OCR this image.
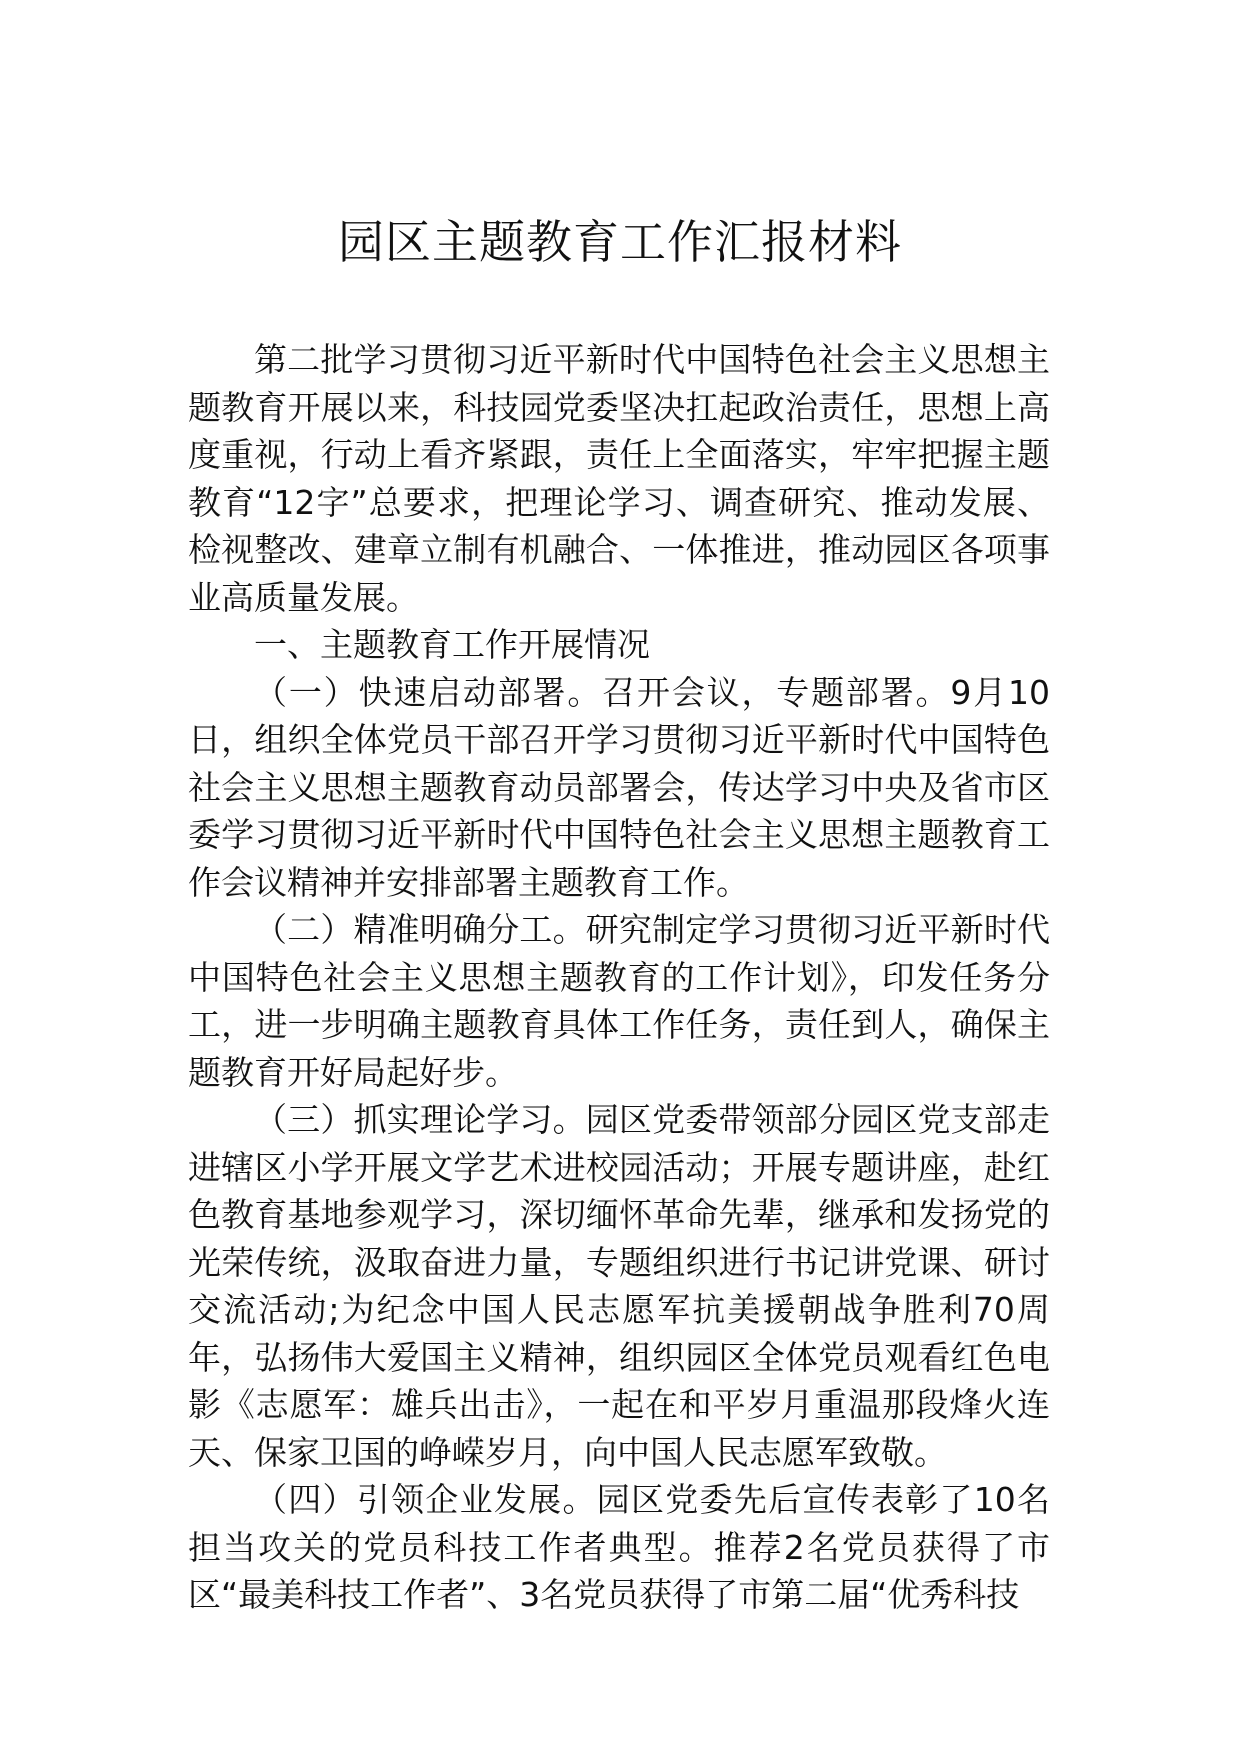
园区主题教育工作汇报材料

第二批学习贯彻习近平新时代中国特色社会主义思想主题教育开展以来，科技园党委坚决扛起政治责任，思想上高度重视，行动上看齐紧跟，责任上全面落实，牢牢把握主题教育“12字”总要求，把理论学习、调查研究、推动发展、检视整改、建章立制有机融合、一体推进，推动园区各项事业高质量发展。

一、主题教育工作开展情况

（一）快速启动部署。召开会议，专题部署。9月10日，组织全体党员干部召开学习贯彻习近平新时代中国特色社会主义思想主题教育动员部署会，传达学习中央及省市区委学习贯彻习近平新时代中国特色社会主义思想主题教育工作会议精神并安排部署主题教育工作。

（二）精准明确分工。研究制定学习贯彻习近平新时代中国特色社会主义思想主题教育的工作计划》，印发任务分工，进一步明确主题教育具体工作任务，责任到人，确保主题教育开好局起好步。

（三）抓实理论学习。园区党委带领部分园区党支部走进辖区小学开展文学艺术进校园活动；开展专题讲座，赴红色教育基地参观学习，深切缅怀革命先辈，继承和发扬党的光荣传统，汲取奋进力量，专题组织进行书记讲党课、研讨交流活动;为纪念中国人民志愿军抗美援朝战争胜利70周年，弘扬伟大爱国主义精神，组织园区全体党员观看红色电影《志愿军：雄兵出击》，一起在和平岁月重温那段烽火连天、保家卫国的峥嵘岁月，向中国人民志愿军致敬。

（四）引领企业发展。园区党委先后宣传表彰了10名担当攻关的党员科技工作者典型。推荐2名党员获得了市区“最美科技工作者”、3名党员获得了市第二届“优秀科技
